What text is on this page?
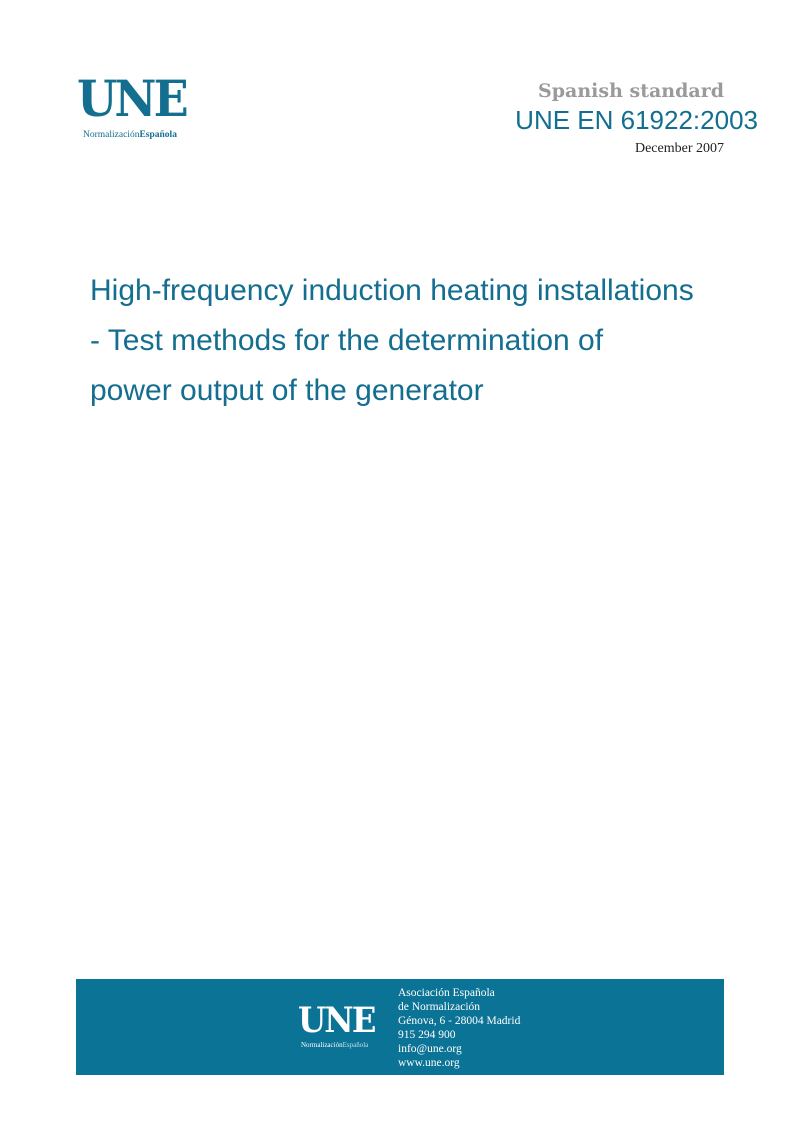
UNE
NormalizaciónEspañola
Spanish standard
UNE EN 61922:2003
December 2007
High-frequency induction heating installations
- Test methods for the determination of
power output of the generator
UNE
NormalizaciónEspañola
Asociación Española
de Normalización
Génova, 6 - 28004 Madrid
915 294 900
info@une.org
www.une.org
